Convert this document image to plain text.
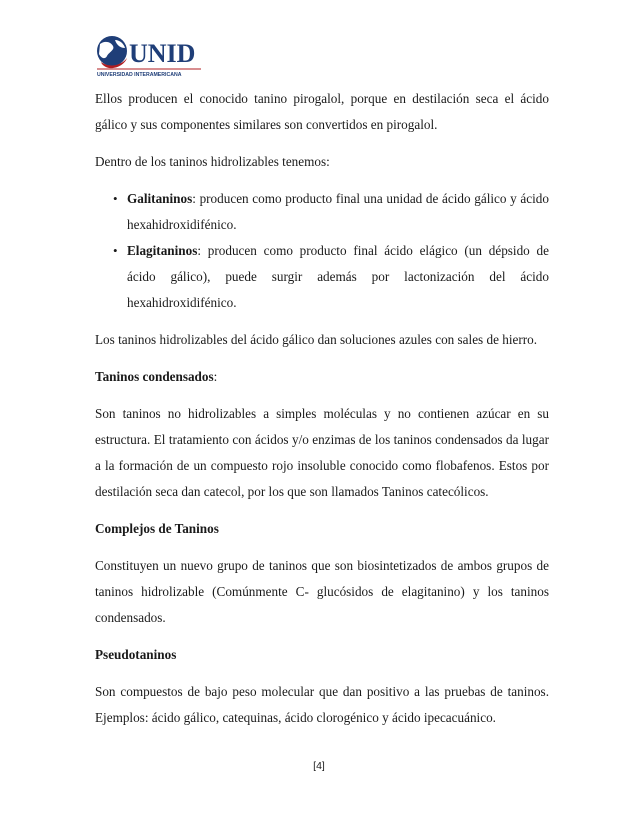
UNID
UNIVERSIDAD INTERAMERICANA

Ellos producen el conocido tanino pirogalol, porque en destilación seca el ácido gálico y sus componentes similares son convertidos en pirogalol.

Dentro de los taninos hidrolizables tenemos:

• Galitaninos: producen como producto final una unidad de ácido gálico y ácido hexahidroxidifénico.
• Elagitaninos: producen como producto final ácido elágico (un dépsido de ácido gálico), puede surgir además por lactonización del ácido hexahidroxidifénico.

Los taninos hidrolizables del ácido gálico dan soluciones azules con sales de hierro.

Taninos condensados:

Son taninos no hidrolizables a simples moléculas y no contienen azúcar en su estructura. El tratamiento con ácidos y/o enzimas de los taninos condensados da lugar a la formación de un compuesto rojo insoluble conocido como flobafenos. Estos por destilación seca dan catecol, por los que son llamados Taninos catecólicos.

Complejos de Taninos

Constituyen un nuevo grupo de taninos que son biosintetizados de ambos grupos de taninos hidrolizable (Comúnmente C- glucósidos de elagitanino) y los taninos condensados.

Pseudotaninos

Son compuestos de bajo peso molecular que dan positivo a las pruebas de taninos. Ejemplos: ácido gálico, catequinas, ácido clorogénico y ácido ipecacuánico.

[4]
